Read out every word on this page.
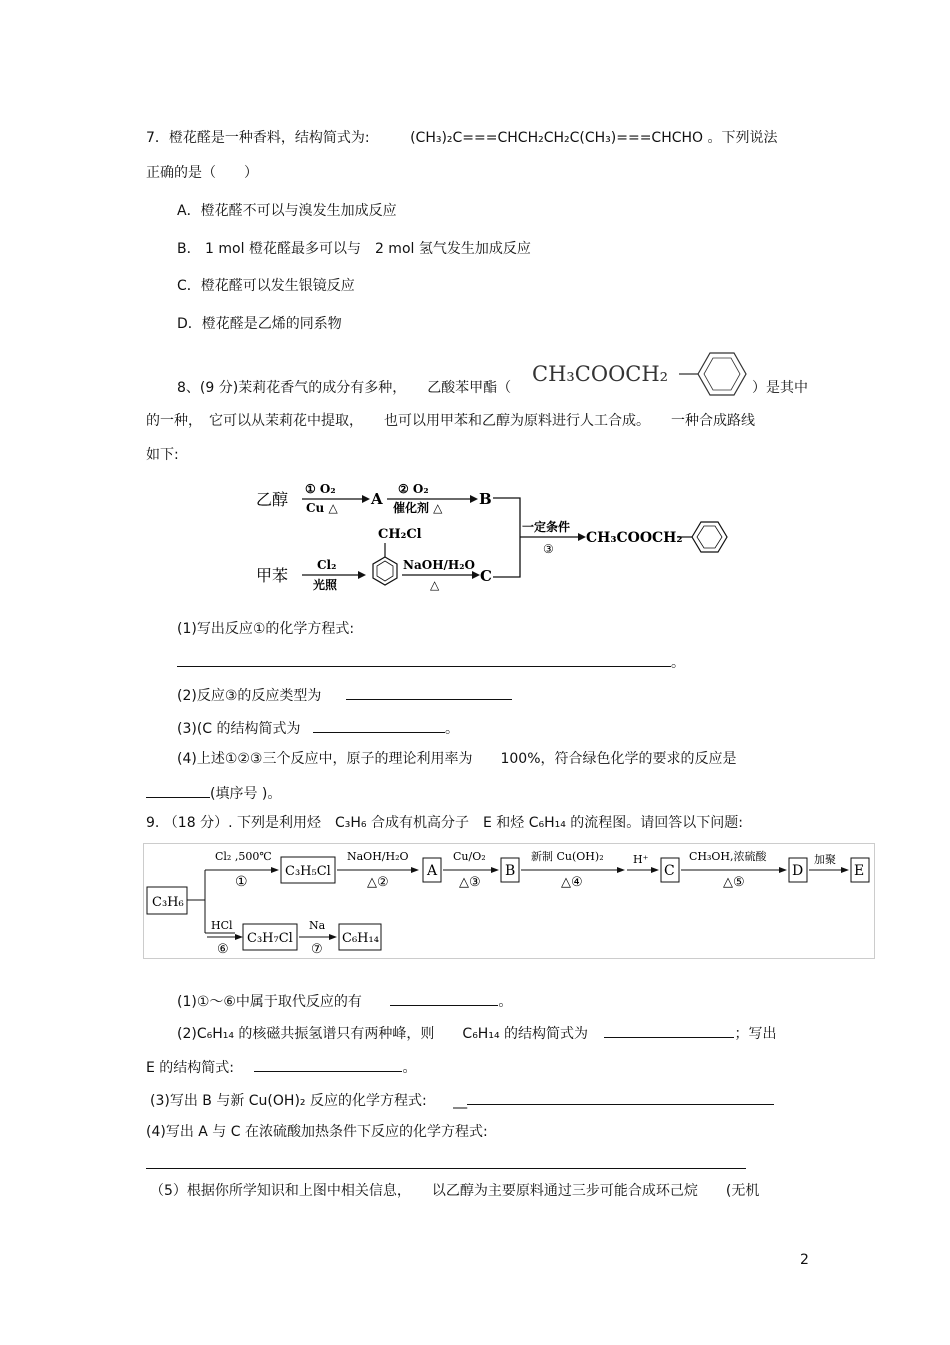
7．橙花醛是一种香料，结构简式为:	(CH₃)₂C===CHCH₂CH₂C(CH₃)===CHCHO 。下列说法
正确的是（　　）
A．橙花醛不可以与溴发生加成反应
B． 1 mol 橙花醛最多可以与　2 mol 氢气发生加成反应
C．橙花醛可以发生银镜反应
D．橙花醛是乙烯的同系物
8、(9 分)茉莉花香气的成分有多种，　　乙酸苯甲酯（
CH₃COOCH₂
）是其中
的一种，　它可以从茉莉花中提取，　　也可以用甲苯和乙醇为原料进行人工合成。　　一种合成路线
如下:
乙醇
① O₂
Cu △ A
② O₂
催化剂 △ B
一定条件
③
CH₃COOCH₂
甲苯
Cl₂
光照
CH₂Cl
NaOH/H₂O
△	C
(1)写出反应①的化学方程式:
。
(2)反应③的反应类型为
(3)(C 的结构简式为	。
(4)上述①②③三个反应中，原子的理论利用率为　　100%，符合绿色化学的要求的反应是
(填序号 )。
9. （18 分）. 下列是利用烃　C₃H₆ 合成有机高分子　E 和烃 C₆H₁₄ 的流程图。请回答以下问题:
C₃H₆
Cl₂ ,500℃
①
C₃H₅Cl
NaOH/H₂O
△②
A
Cu/O₂
△③
B
新制 Cu(OH)₂
△④
H⁺
C
CH₃OH,浓硫酸
△⑤
D
加聚
E
HCl
⑥
C₃H₇Cl
Na
⑦
C₆H₁₄
(1)①～⑥中属于取代反应的有	。
(2)C₆H₁₄ 的核磁共振氢谱只有两种峰，则　　C₆H₁₄ 的结构简式为	；写出
E 的结构简式:	。
(3)写出 B 与新 Cu(OH)₂ 反应的化学方程式: __
(4)写出 A 与 C 在浓硫酸加热条件下反应的化学方程式:
（5）根据你所学知识和上图中相关信息，　　以乙醇为主要原料通过三步可能合成环己烷　　(无机
2
